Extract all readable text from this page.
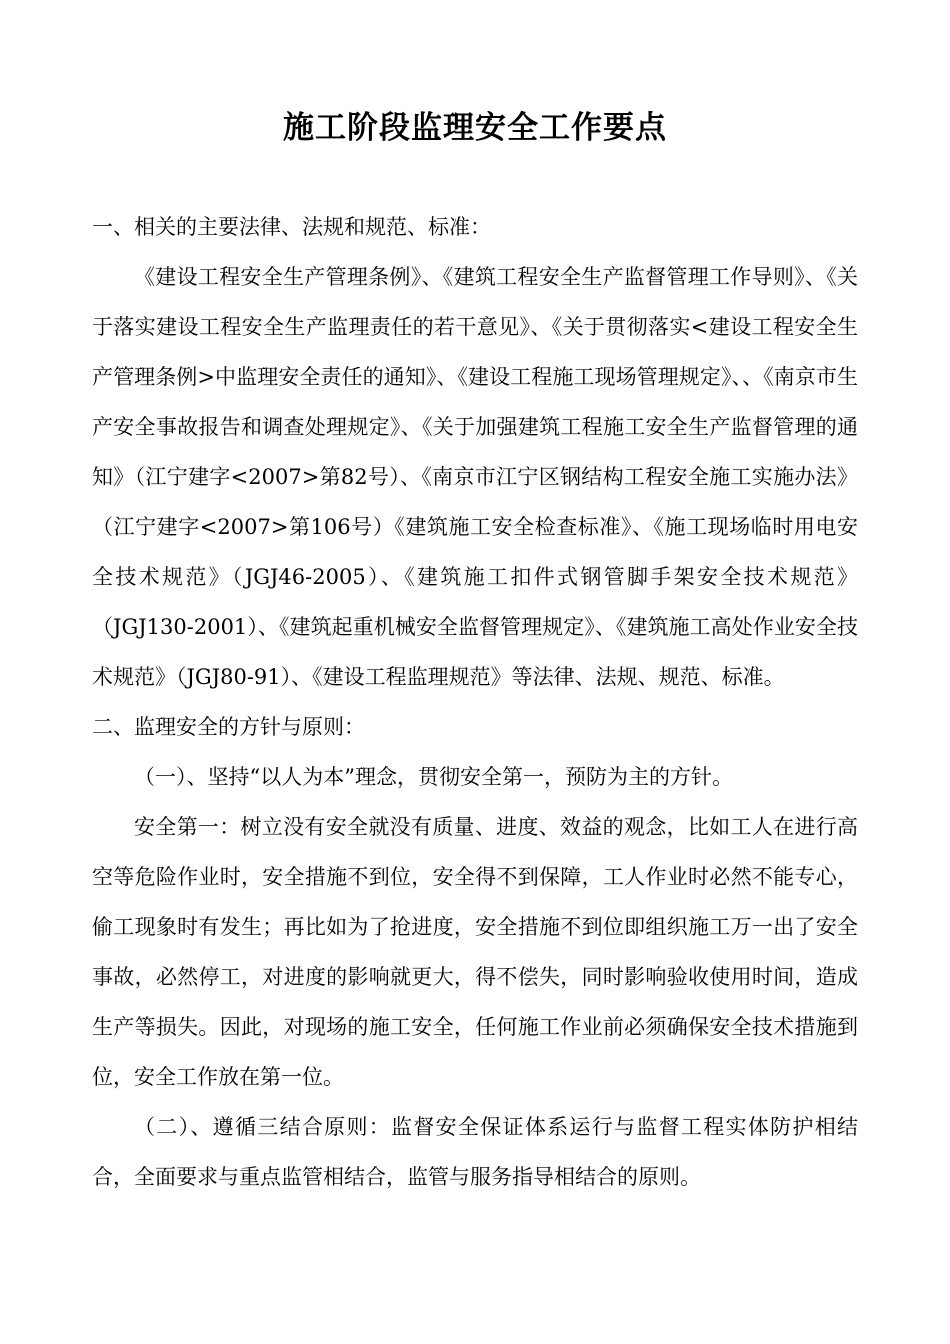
施工阶段监理安全工作要点

一、相关的主要法律、法规和规范、标准：

《建设工程安全生产管理条例》、《建筑工程安全生产监督管理工作导则》、《关于落实建设工程安全生产监理责任的若干意见》、《关于贯彻落实<建设工程安全生产管理条例>中监理安全责任的通知》、《建设工程施工现场管理规定》、、《南京市生产安全事故报告和调查处理规定》、《关于加强建筑工程施工安全生产监督管理的通知》（江宁建字<2007>第82号）、《南京市江宁区钢结构工程安全施工实施办法》（江宁建字<2007>第106号）《建筑施工安全检查标准》、《施工现场临时用电安全技术规范》（JGJ46-2005）、《建筑施工扣件式钢管脚手架安全技术规范》（JGJ130-2001）、《建筑起重机械安全监督管理规定》、《建筑施工高处作业安全技术规范》（JGJ80-91）、《建设工程监理规范》等法律、法规、规范、标准。

二、监理安全的方针与原则：

（一）、坚持“以人为本”理念，贯彻安全第一，预防为主的方针。

安全第一：树立没有安全就没有质量、进度、效益的观念，比如工人在进行高空等危险作业时，安全措施不到位，安全得不到保障，工人作业时必然不能专心，偷工现象时有发生；再比如为了抢进度，安全措施不到位即组织施工万一出了安全事故，必然停工，对进度的影响就更大，得不偿失，同时影响验收使用时间，造成生产等损失。因此，对现场的施工安全，任何施工作业前必须确保安全技术措施到位，安全工作放在第一位。

（二）、遵循三结合原则：监督安全保证体系运行与监督工程实体防护相结合，全面要求与重点监管相结合，监管与服务指导相结合的原则。
